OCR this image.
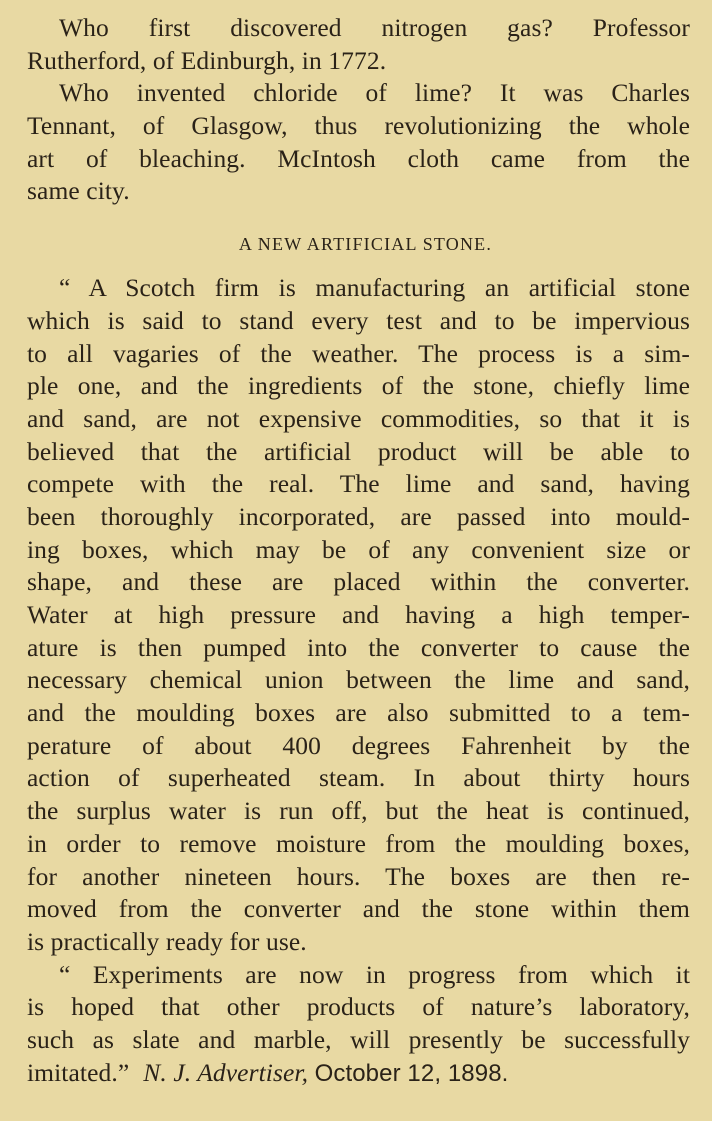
Who first discovered nitrogen gas? Professor
Rutherford, of Edinburgh, in 1772.
Who invented chloride of lime? It was Charles
Tennant, of Glasgow, thus revolutionizing the whole
art of bleaching. McIntosh cloth came from the
same city.
A NEW ARTIFICIAL STONE.
“ A Scotch firm is manufacturing an artificial stone
which is said to stand every test and to be impervious
to all vagaries of the weather. The process is a sim-
ple one, and the ingredients of the stone, chiefly lime
and sand, are not expensive commodities, so that it is
believed that the artificial product will be able to
compete with the real. The lime and sand, having
been thoroughly incorporated, are passed into mould-
ing boxes, which may be of any convenient size or
shape, and these are placed within the converter.
Water at high pressure and having a high temper-
ature is then pumped into the converter to cause the
necessary chemical union between the lime and sand,
and the moulding boxes are also submitted to a tem-
perature of about 400 degrees Fahrenheit by the
action of superheated steam. In about thirty hours
the surplus water is run off, but the heat is continued,
in order to remove moisture from the moulding boxes,
for another nineteen hours. The boxes are then re-
moved from the converter and the stone within them
is practically ready for use.
“ Experiments are now in progress from which it
is hoped that other products of nature’s laboratory,
such as slate and marble, will presently be successfully
imitated.” N. J. Advertiser, October 12, 1898.
